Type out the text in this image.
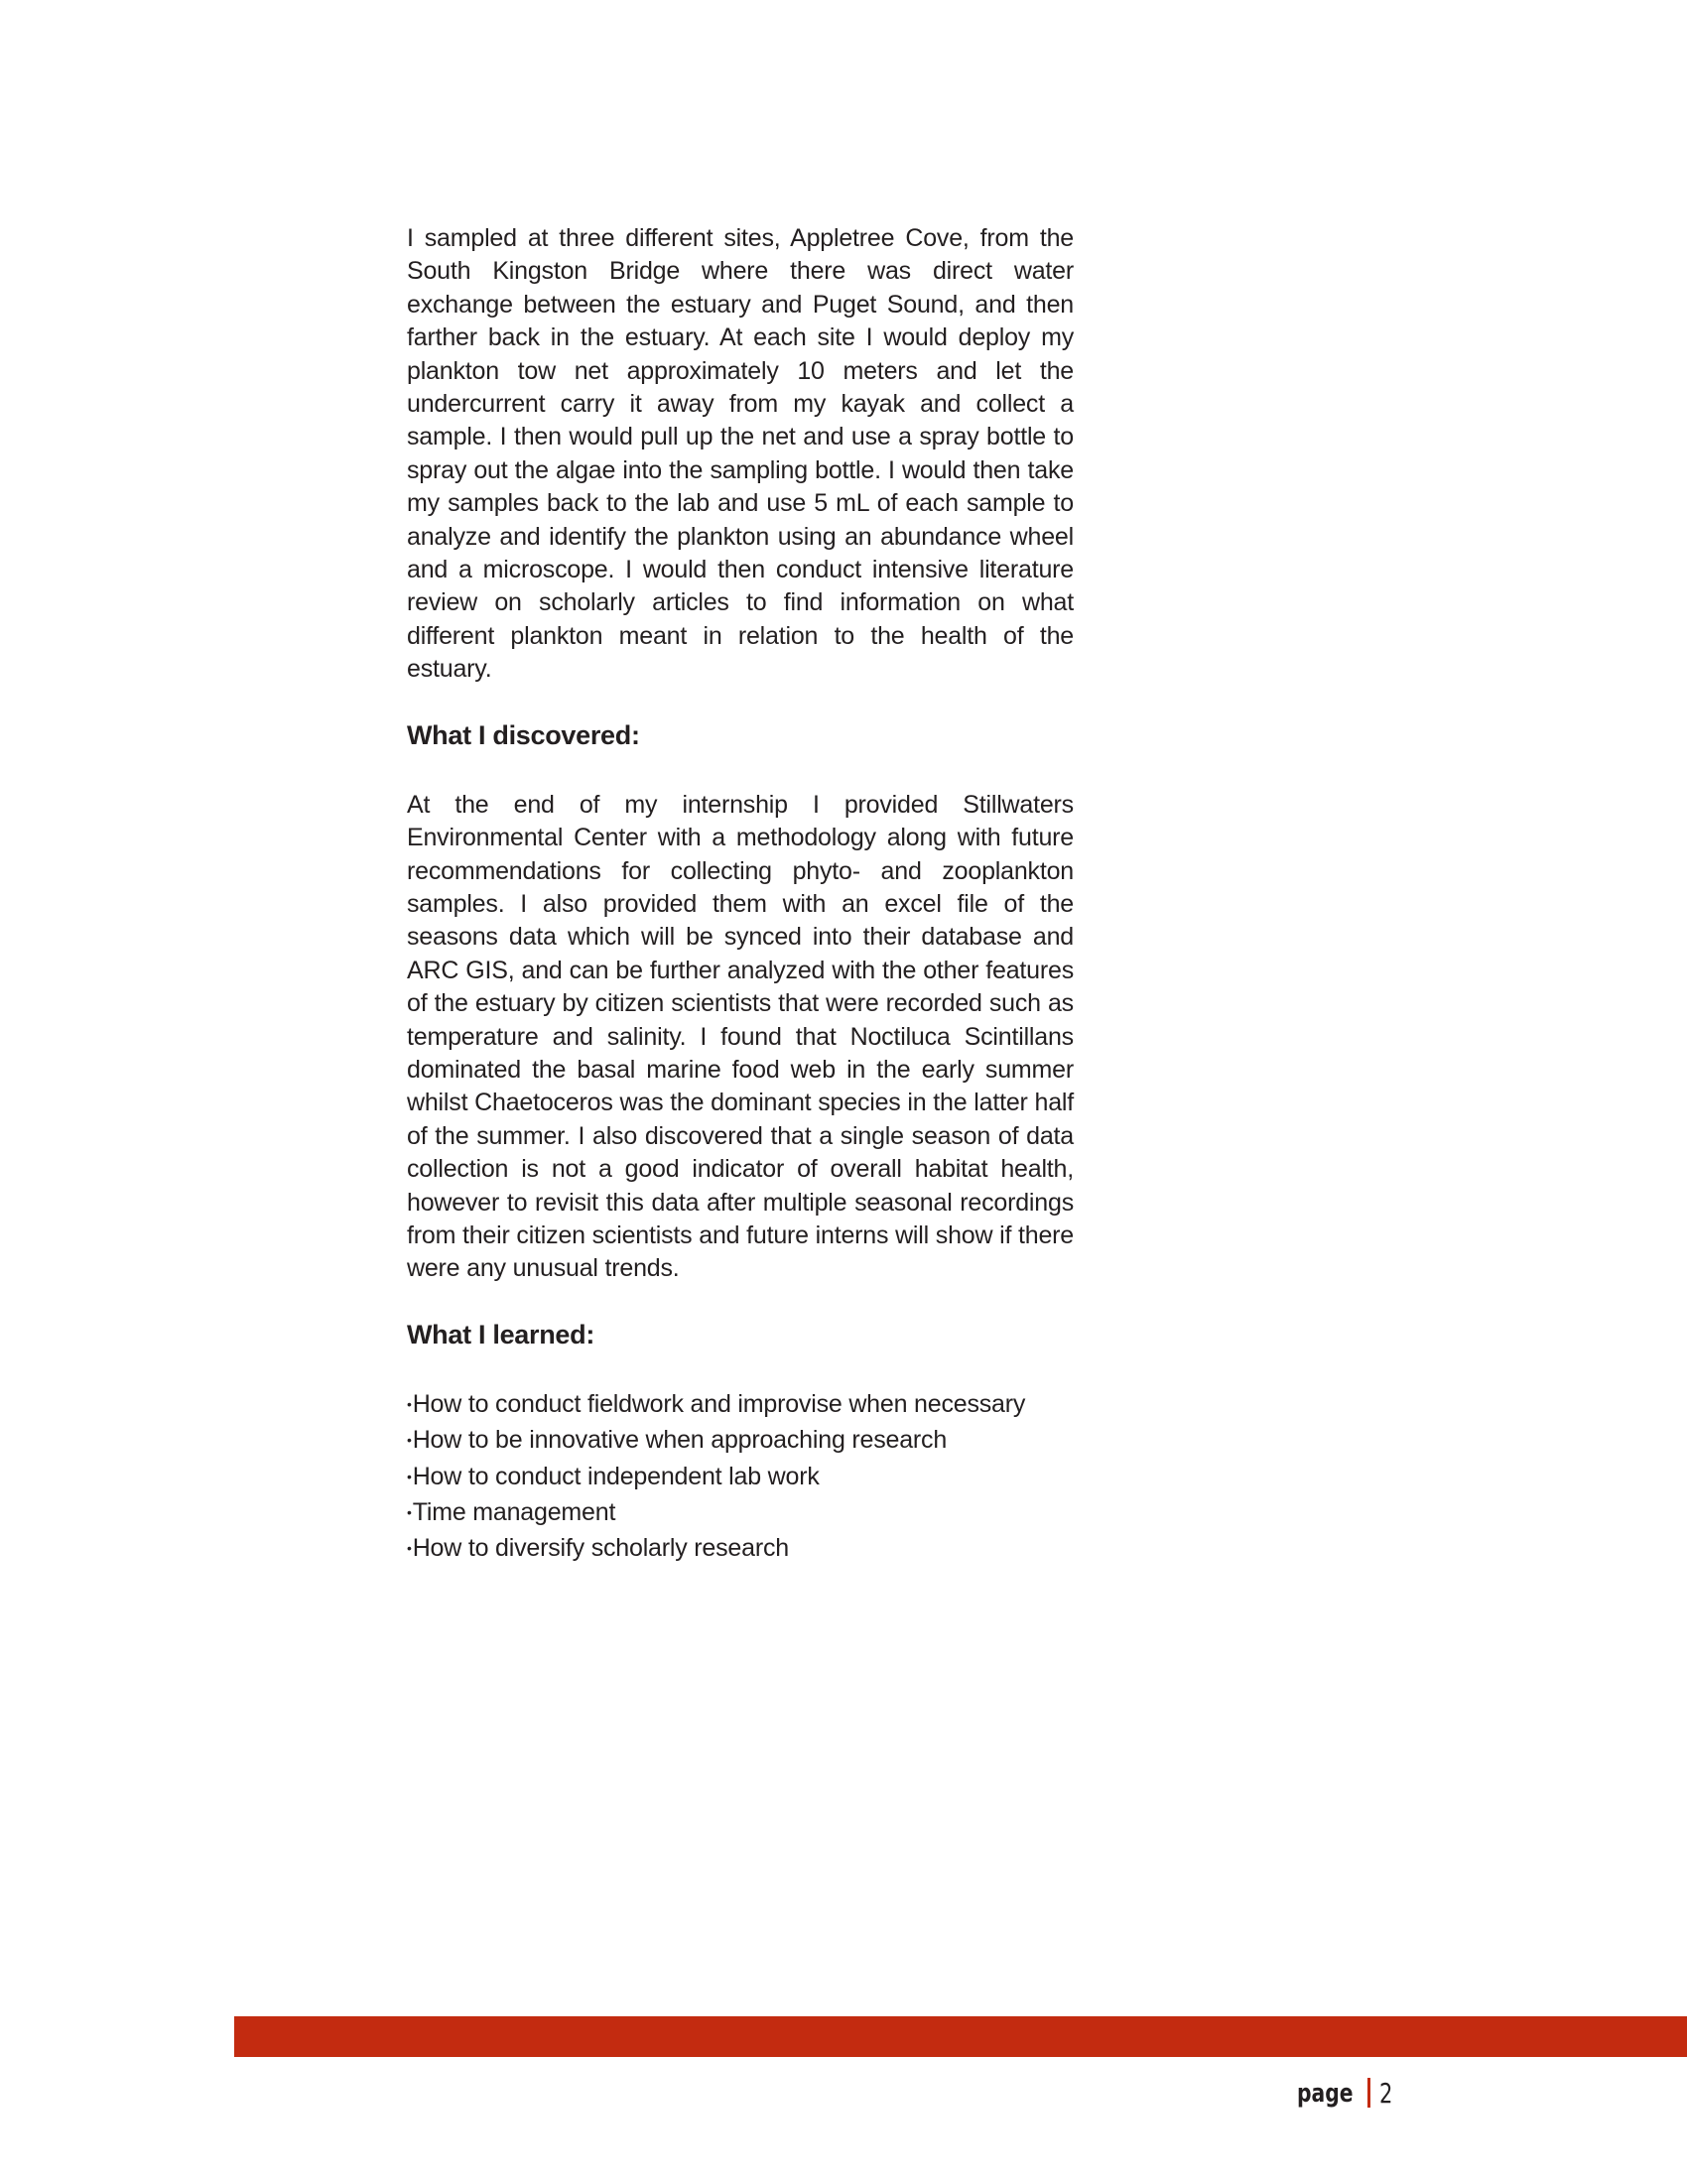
I sampled at three different sites, Appletree Cove, from the South Kingston Bridge where there was direct water exchange between the estuary and Puget Sound, and then farther back in the estuary. At each site I would deploy my plankton tow net approximately 10 meters and let the undercurrent carry it away from my kayak and collect a sample. I then would pull up the net and use a spray bottle to spray out the algae into the sampling bottle. I would then take my samples back to the lab and use 5 mL of each sample to analyze and identify the plankton using an abundance wheel and a microscope. I would then conduct intensive literature review on scholarly articles to find information on what different plankton meant in relation to the health of the estuary.

What I discovered:

At the end of my internship I provided Stillwaters Environmental Center with a methodology along with future recommendations for collecting phyto- and zooplankton samples. I also provided them with an excel file of the seasons data which will be synced into their database and ARC GIS, and can be further analyzed with the other features of the estuary by citizen scientists that were recorded such as temperature and salinity. I found that Noctiluca Scintillans dominated the basal marine food web in the early summer whilst Chaetoceros was the dominant species in the latter half of the summer. I also discovered that a single season of data collection is not a good indicator of overall habitat health, however to revisit this data after multiple seasonal recordings from their citizen scientists and future interns will show if there were any unusual trends.

What I learned:
•How to conduct fieldwork and improvise when necessary
•How to be innovative when approaching research
•How to conduct independent lab work
•Time management
•How to diversify scholarly research
page 2
